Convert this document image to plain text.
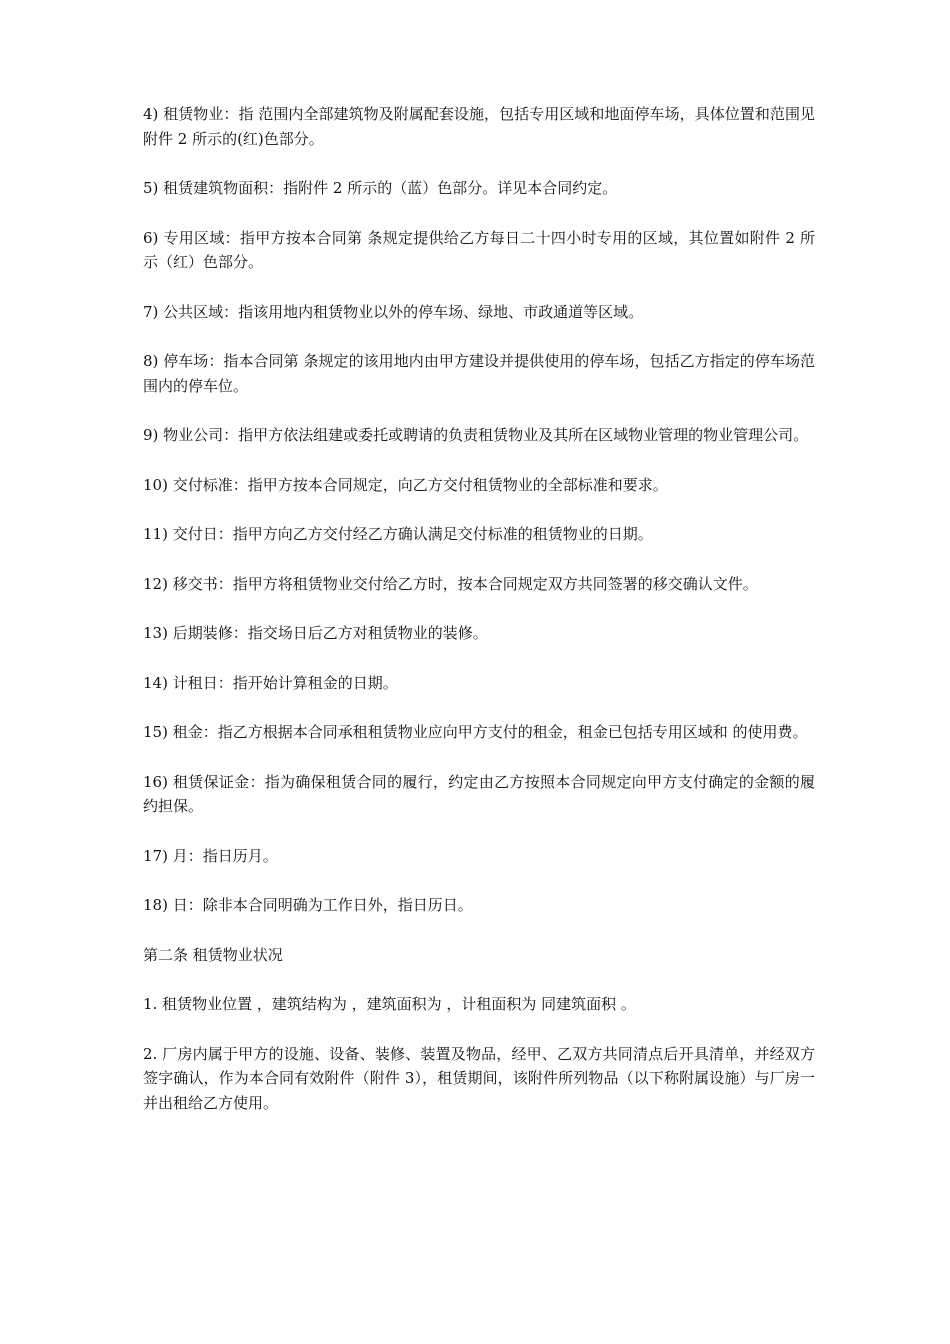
4) 租赁物业：指 范围内全部建筑物及附属配套设施，包括专用区域和地面停车场，具体位置和范围见附件 2 所示的(红)色部分。

5) 租赁建筑物面积：指附件 2 所示的（蓝）色部分。详见本合同约定。

6) 专用区域：指甲方按本合同第 条规定提供给乙方每日二十四小时专用的区域，其位置如附件 2 所示（红）色部分。

7) 公共区域：指该用地内租赁物业以外的停车场、绿地、市政通道等区域。

8) 停车场：指本合同第 条规定的该用地内由甲方建设并提供使用的停车场，包括乙方指定的停车场范围内的停车位。

9) 物业公司：指甲方依法组建或委托或聘请的负责租赁物业及其所在区域物业管理的物业管理公司。

10) 交付标准：指甲方按本合同规定，向乙方交付租赁物业的全部标准和要求。

11) 交付日：指甲方向乙方交付经乙方确认满足交付标准的租赁物业的日期。

12) 移交书：指甲方将租赁物业交付给乙方时，按本合同规定双方共同签署的移交确认文件。

13) 后期装修：指交场日后乙方对租赁物业的装修。

14) 计租日：指开始计算租金的日期。

15) 租金：指乙方根据本合同承租租赁物业应向甲方支付的租金，租金已包括专用区域和 的使用费。

16) 租赁保证金：指为确保租赁合同的履行，约定由乙方按照本合同规定向甲方支付确定的金额的履约担保。

17) 月：指日历月。

18) 日：除非本合同明确为工作日外，指日历日。

第二条 租赁物业状况

1. 租赁物业位置 ，建筑结构为 ，建筑面积为 ，计租面积为 同建筑面积 。

2. 厂房内属于甲方的设施、设备、装修、装置及物品，经甲、乙双方共同清点后开具清单，并经双方签字确认，作为本合同有效附件（附件 3），租赁期间，该附件所列物品（以下称附属设施）与厂房一并出租给乙方使用。
